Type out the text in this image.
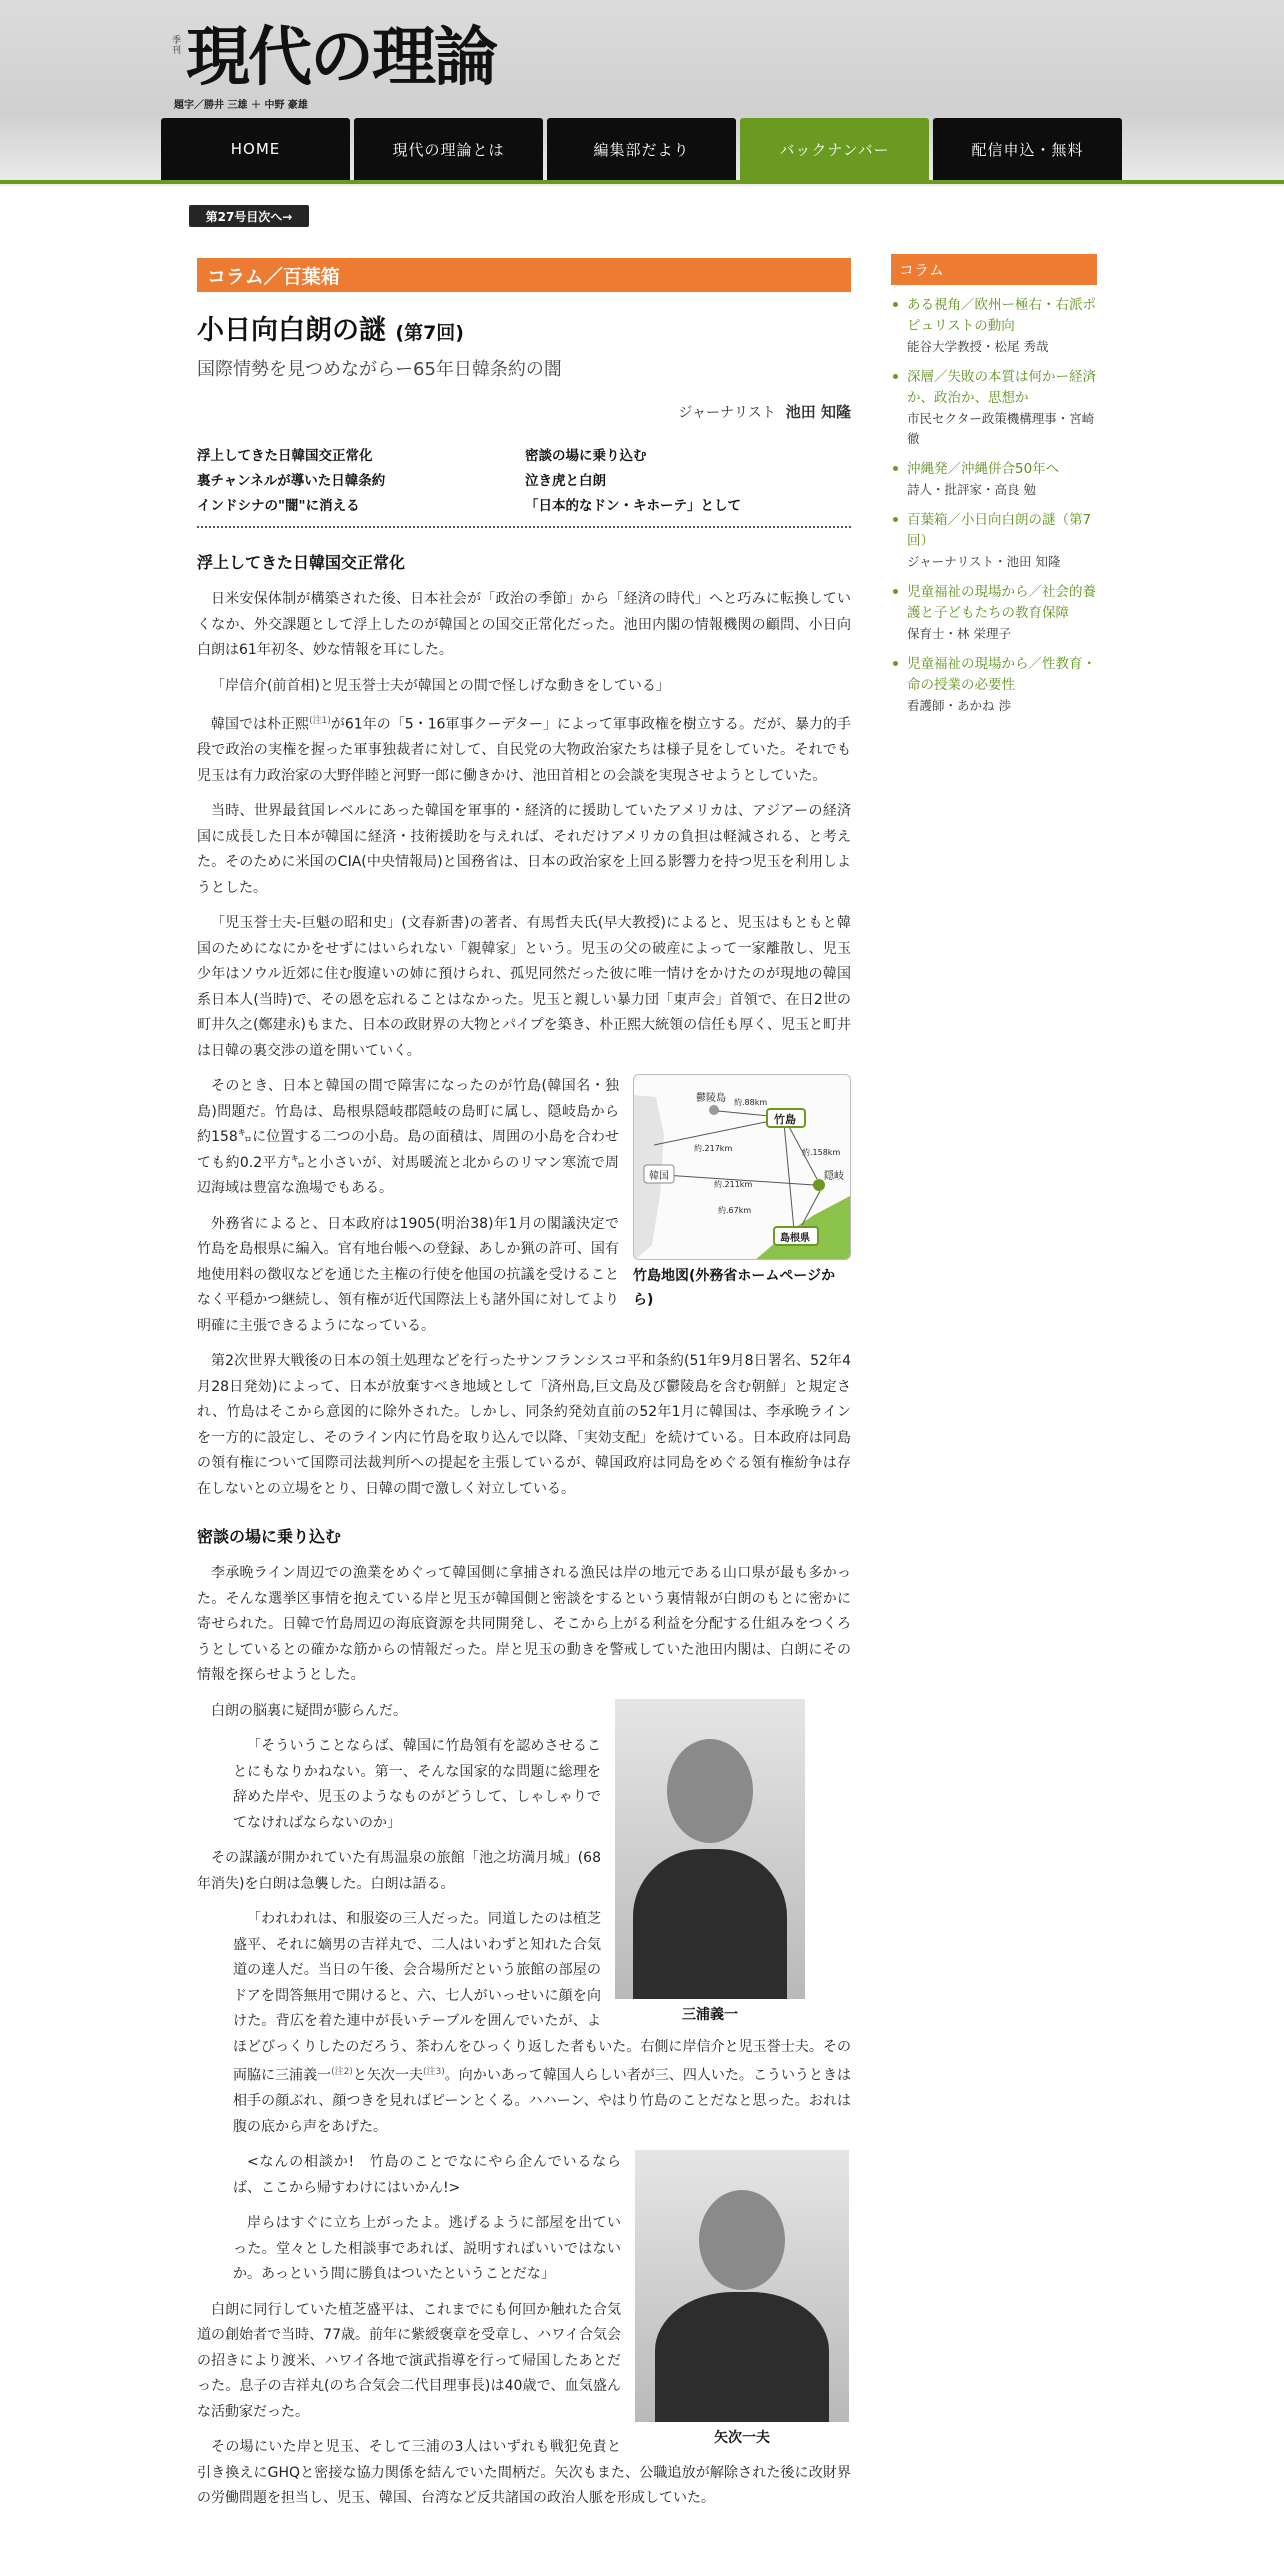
季刊 現代の理論
題字／勝井 三雄 ＋ 中野 豪雄
HOME	現代の理論とは	編集部だより	バックナンバー	配信申込・無料
第27号目次へ→
コラム／百葉箱
小日向白朗の謎 (第7回)
国際情勢を見つめながらー65年日韓条約の闇
ジャーナリスト 池田 知隆
浮上してきた日韓国交正常化	密談の場に乗り込む
裏チャンネルが導いた日韓条約	泣き虎と白朗
インドシナの"闇"に消える	「日本的なドン・キホーテ」として
浮上してきた日韓国交正常化

日米安保体制が構築された後、日本社会が「政治の季節」から「経済の時代」へと巧みに転換していくなか、外交課題として浮上したのが韓国との国交正常化だった。池田内閣の情報機関の顧問、小日向白朗は61年初冬、妙な情報を耳にした。

「岸信介(前首相)と児玉誉士夫が韓国との間で怪しげな動きをしている」

韓国では朴正熙$^{(注1)}$が61年の「5・16軍事クーデター」によって軍事政権を樹立する。だが、暴力的手段で政治の実権を握った軍事独裁者に対して、自民党の大物政治家たちは様子見をしていた。それでも児玉は有力政治家の大野伴睦と河野一郎に働きかけ、池田首相との会談を実現させようとしていた。

当時、世界最貧国レベルにあった韓国を軍事的・経済的に援助していたアメリカは、アジアーの経済国に成長した日本が韓国に経済・技術援助を与えれば、それだけアメリカの負担は軽減される、と考えた。そのために米国のCIA(中央情報局)と国務省は、日本の政治家を上回る影響力を持つ児玉を利用しようとした。

「児玉誉士夫-巨魁の昭和史」(文春新書)の著者、有馬哲夫氏(早大教授)によると、児玉はもともと韓国のためになにかをせずにはいられない「親韓家」という。児玉の父の破産によって一家離散し、児玉少年はソウル近郊に住む腹違いの姉に預けられ、孤児同然だった彼に唯一情けをかけたのが現地の韓国系日本人(当時)で、その恩を忘れることはなかった。児玉と親しい暴力団「東声会」首領で、在日2世の町井久之(鄭建永)もまた、日本の政財界の大物とパイプを築き、朴正熙大統領の信任も厚く、児玉と町井は日韓の裏交渉の道を開いていく。

鬱陵島
竹島
韓国	隠岐
島根県
約.88km
約.217km	約.158km
約.211km
約.67km
竹島地図(外務省ホームページから)

そのとき、日本と韓国の間で障害になったのが竹島(韓国名・独島)問題だ。竹島は、島根県隠岐郡隠岐の島町に属し、隠岐島から約158㌔に位置する二つの小島。島の面積は、周囲の小島を合わせても約0.2平方㌔と小さいが、対馬暖流と北からのリマン寒流で周辺海域は豊富な漁場でもある。

外務省によると、日本政府は1905(明治38)年1月の閣議決定で竹島を島根県に編入。官有地台帳への登録、あしか猟の許可、国有地使用料の徴収などを通じた主権の行使を他国の抗議を受けることなく平穏かつ継続し、領有権が近代国際法上も諸外国に対してより明確に主張できるようになっている。

第2次世界大戦後の日本の領土処理などを行ったサンフランシスコ平和条約(51年9月8日署名、52年4月28日発効)によって、日本が放棄すべき地域として「済州島,巨文島及び鬱陵島を含む朝鮮」と規定され、竹島はそこから意図的に除外された。しかし、同条約発効直前の52年1月に韓国は、李承晩ラインを一方的に設定し、そのライン内に竹島を取り込んで以降、「実効支配」を続けている。日本政府は同島の領有権について国際司法裁判所への提起を主張しているが、韓国政府は同島をめぐる領有権紛争は存在しないとの立場をとり、日韓の間で激しく対立している。

密談の場に乗り込む

李承晩ライン周辺での漁業をめぐって韓国側に拿捕される漁民は岸の地元である山口県が最も多かった。そんな選挙区事情を抱えている岸と児玉が韓国側と密談をするという裏情報が白朗のもとに密かに寄せられた。日韓で竹島周辺の海底資源を共同開発し、そこから上がる利益を分配する仕組みをつくろうとしているとの確かな筋からの情報だった。岸と児玉の動きを警戒していた池田内閣は、白朗にその情報を探らせようとした。

三浦義一

白朗の脳裏に疑問が膨らんだ。

「そういうことならば、韓国に竹島領有を認めさせることにもなりかねない。第一、そんな国家的な問題に総理を辞めた岸や、児玉のようなものがどうして、しゃしゃりでてなければならないのか」

その謀議が開かれていた有馬温泉の旅館「池之坊満月城」(68年消失)を白朗は急襲した。白朗は語る。

「われわれは、和服姿の三人だった。同道したのは植芝盛平、それに嫡男の吉祥丸で、二人はいわずと知れた合気道の達人だ。当日の午後、会合場所だという旅館の部屋のドアを問答無用で開けると、六、七人がいっせいに顔を向けた。背広を着た連中が長いテーブルを囲んでいたが、よほどびっくりしたのだろう、茶わんをひっくり返した者もいた。右側に岸信介と児玉誉士夫。その両脇に三浦義一$^{(注2)}$と矢次一夫$^{(注3)}$。向かいあって韓国人らしい者が三、四人いた。こういうときは相手の顔ぶれ、顔つきを見ればピーンとくる。ハハーン、やはり竹島のことだなと思った。おれは腹の底から声をあげた。

矢次一夫

<なんの相談か!　竹島のことでなにやら企んでいるならば、ここから帰すわけにはいかん!>

岸らはすぐに立ち上がったよ。逃げるように部屋を出ていった。堂々とした相談事であれば、説明すればいいではないか。あっという間に勝負はついたということだな」

白朗に同行していた植芝盛平は、これまでにも何回か触れた合気道の創始者で当時、77歳。前年に紫綬褒章を受章し、ハワイ合気会の招きにより渡米、ハワイ各地で演武指導を行って帰国したあとだった。息子の吉祥丸(のち合気会二代目理事長)は40歳で、血気盛んな活動家だった。

その場にいた岸と児玉、そして三浦の3人はいずれも戦犯免責と引き換えにGHQと密接な協力関係を結んでいた間柄だ。矢次もまた、公職追放が解除された後に改財界の労働問題を担当し、児玉、韓国、台湾など反共諸国の政治人脈を形成していた。

コラム
ある視角／欧州ー極右・右派ポピュリストの動向
能谷大学教授・松尾 秀哉
深層／失敗の本質は何かー経済か、政治か、思想か
市民セクター政策機構理事・宮崎 徹
沖縄発／沖縄併合50年へ
詩人・批評家・高良 勉
百葉箱／小日向白朗の謎（第7回）
ジャーナリスト・池田 知隆
児童福祉の現場から／社会的養護と子どもたちの教育保障
保育士・林 栄理子
児童福祉の現場から／性教育・命の授業の必要性
看護師・あかね 渉
